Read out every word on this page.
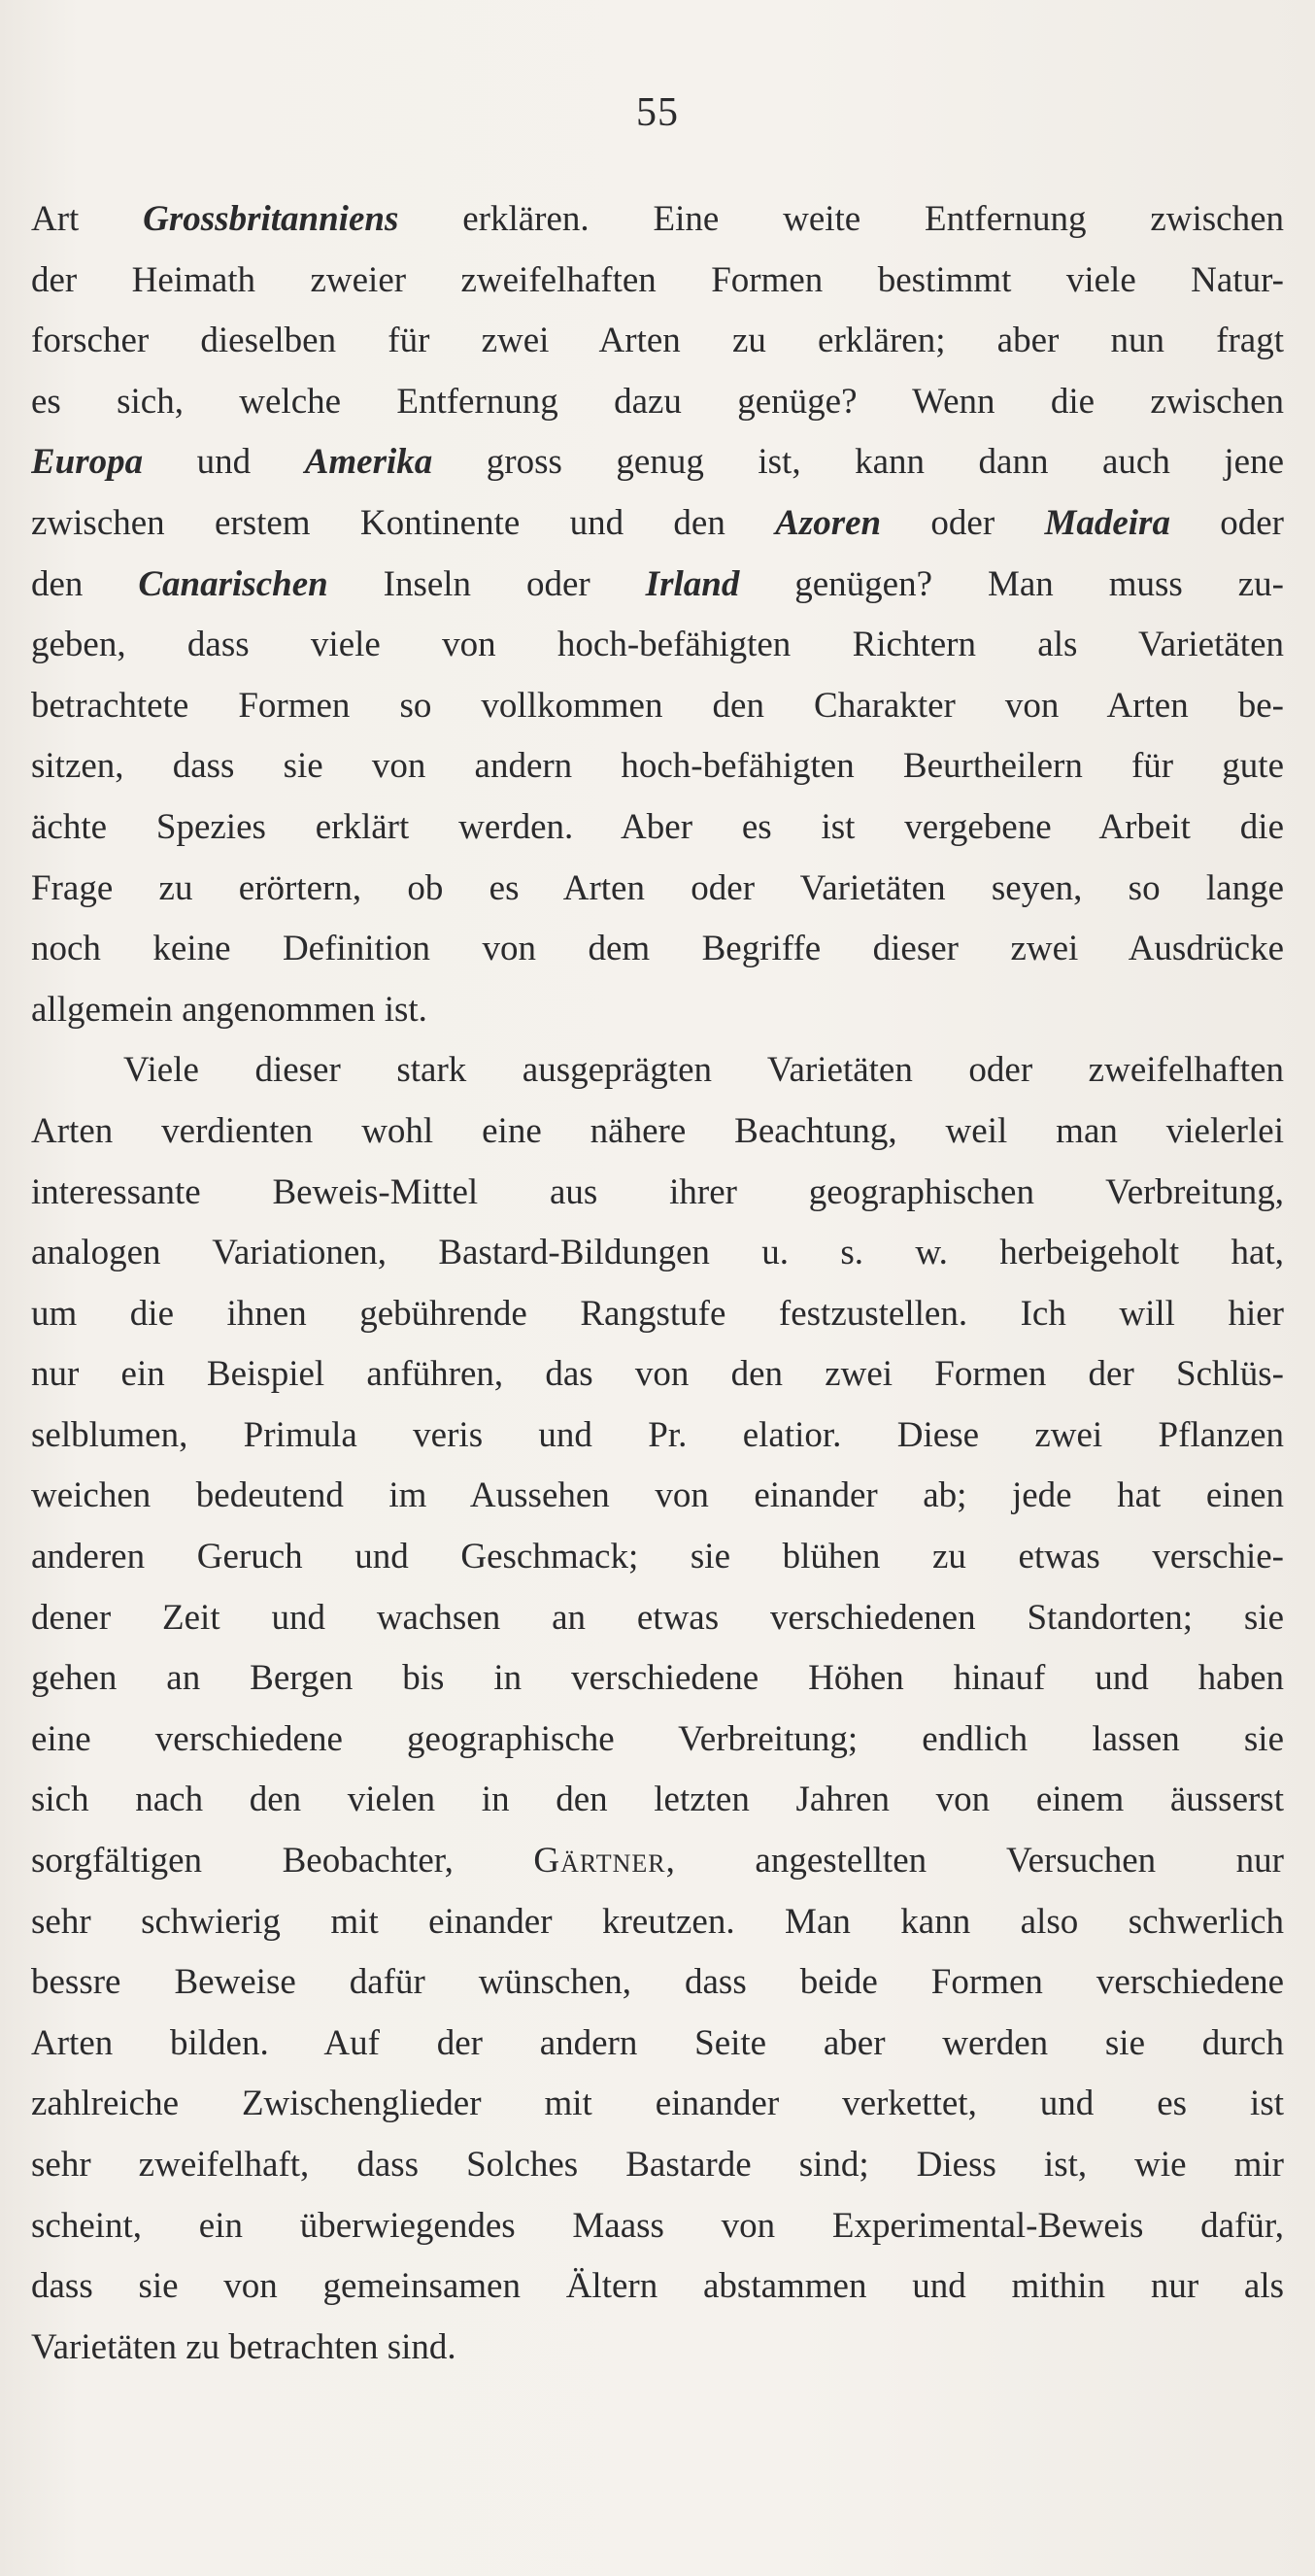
55
Art Grossbritanniens erklären. Eine weite Entfernung zwischen
der Heimath zweier zweifelhaften Formen bestimmt viele Natur-
forscher dieselben für zwei Arten zu erklären; aber nun fragt
es sich, welche Entfernung dazu genüge? Wenn die zwischen
Europa und Amerika gross genug ist, kann dann auch jene
zwischen erstem Kontinente und den Azoren oder Madeira oder
den Canarischen Inseln oder Irland genügen? Man muss zu-
geben, dass viele von hoch-befähigten Richtern als Varietäten
betrachtete Formen so vollkommen den Charakter von Arten be-
sitzen, dass sie von andern hoch-befähigten Beurtheilern für gute
ächte Spezies erklärt werden. Aber es ist vergebene Arbeit die
Frage zu erörtern, ob es Arten oder Varietäten seyen, so lange
noch keine Definition von dem Begriffe dieser zwei Ausdrücke
allgemein angenommen ist.
Viele dieser stark ausgeprägten Varietäten oder zweifelhaften
Arten verdienten wohl eine nähere Beachtung, weil man vielerlei
interessante Beweis-Mittel aus ihrer geographischen Verbreitung,
analogen Variationen, Bastard-Bildungen u. s. w. herbeigeholt hat,
um die ihnen gebührende Rangstufe festzustellen. Ich will hier
nur ein Beispiel anführen, das von den zwei Formen der Schlüs-
selblumen, Primula veris und Pr. elatior. Diese zwei Pflanzen
weichen bedeutend im Aussehen von einander ab; jede hat einen
anderen Geruch und Geschmack; sie blühen zu etwas verschie-
dener Zeit und wachsen an etwas verschiedenen Standorten; sie
gehen an Bergen bis in verschiedene Höhen hinauf und haben
eine verschiedene geographische Verbreitung; endlich lassen sie
sich nach den vielen in den letzten Jahren von einem äusserst
sorgfältigen Beobachter, Gärtner, angestellten Versuchen nur
sehr schwierig mit einander kreutzen. Man kann also schwerlich
bessre Beweise dafür wünschen, dass beide Formen verschiedene
Arten bilden. Auf der andern Seite aber werden sie durch
zahlreiche Zwischenglieder mit einander verkettet, und es ist
sehr zweifelhaft, dass Solches Bastarde sind; Diess ist, wie mir
scheint, ein überwiegendes Maass von Experimental-Beweis dafür,
dass sie von gemeinsamen Ältern abstammen und mithin nur als
Varietäten zu betrachten sind.
